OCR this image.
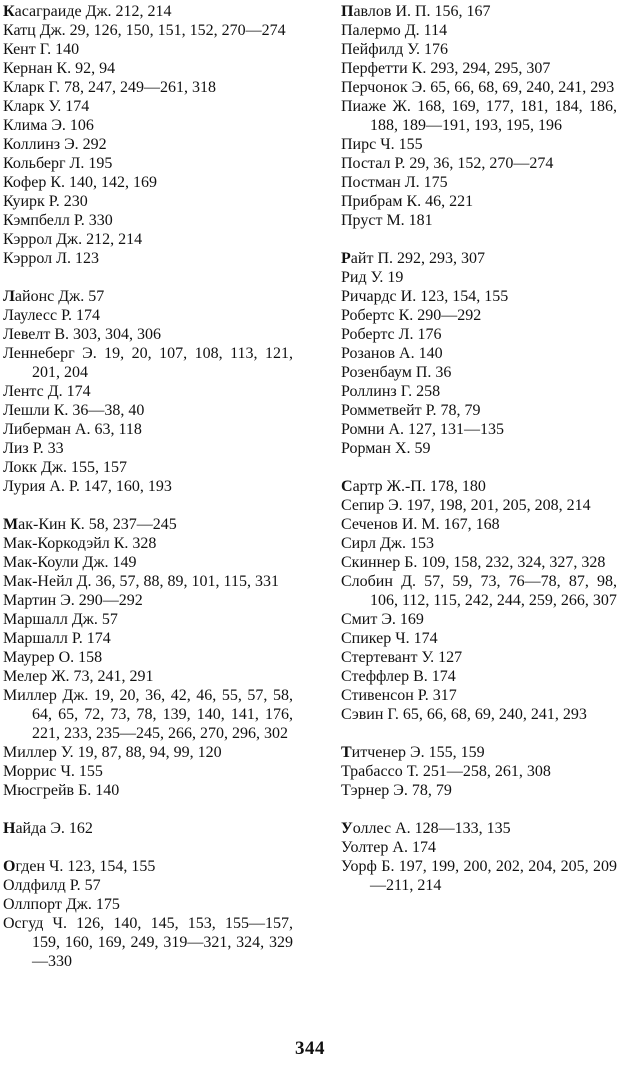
Касаграиде Дж. 212, 214

Катц Дж. 29, 126, 150, 151, 152, 270—274

Кент Г. 140

Кернан К. 92, 94

Кларк Г. 78, 247, 249—261, 318

Кларк У. 174

Клима Э. 106

Коллинз Э. 292

Кольберг Л. 195

Кофер К. 140, 142, 169

Куирк Р. 230

Кэмпбелл Р. 330

Кэррол Дж. 212, 214

Кэррол Л. 123

Лайонс Дж. 57

Лаулесс Р. 174

Левелт В. 303, 304, 306

Леннеберг Э. 19, 20, 107, 108, 113, 121, 201, 204

Лентс Д. 174

Лешли К. 36—38, 40

Либерман А. 63, 118

Лиз Р. 33

Локк Дж. 155, 157

Лурия А. Р. 147, 160, 193

Мак-Кин К. 58, 237—245

Мак-Коркодэйл К. 328

Мак-Коули Дж. 149

Мак-Нейл Д. 36, 57, 88, 89, 101, 115, 331

Мартин Э. 290—292

Маршалл Дж. 57

Маршалл Р. 174

Маурер О. 158

Мелер Ж. 73, 241, 291

Миллер Дж. 19, 20, 36, 42, 46, 55, 57, 58, 64, 65, 72, 73, 78, 139, 140, 141, 176, 221, 233, 235—245, 266, 270, 296, 302

Миллер У. 19, 87, 88, 94, 99, 120

Моррис Ч. 155

Мюсгрейв Б. 140

Найда Э. 162

Огден Ч. 123, 154, 155

Олдфилд Р. 57

Оллпорт Дж. 175

Осгуд Ч. 126, 140, 145, 153, 155—157, 159, 160, 169, 249, 319—321, 324, 329—330

Павлов И. П. 156, 167

Палермо Д. 114

Пейфилд У. 176

Перфетти К. 293, 294, 295, 307

Перчонок Э. 65, 66, 68, 69, 240, 241, 293

Пиаже Ж. 168, 169, 177, 181, 184, 186, 188, 189—191, 193, 195, 196

Пирс Ч. 155

Постал Р. 29, 36, 152, 270—274

Постман Л. 175

Прибрам К. 46, 221

Пруст М. 181

Райт П. 292, 293, 307

Рид У. 19

Ричардс И. 123, 154, 155

Робертс К. 290—292

Робертс Л. 176

Розанов А. 140

Розенбаум П. 36

Роллинз Г. 258

Ромметвейт Р. 78, 79

Ромни А. 127, 131—135

Рорман Х. 59

Сартр Ж.-П. 178, 180

Сепир Э. 197, 198, 201, 205, 208, 214

Сеченов И. М. 167, 168

Сирл Дж. 153

Скиннер Б. 109, 158, 232, 324, 327, 328

Слобин Д. 57, 59, 73, 76—78, 87, 98, 106, 112, 115, 242, 244, 259, 266, 307

Смит Э. 169

Спикер Ч. 174

Стертевант У. 127

Стеффлер В. 174

Стивенсон Р. 317

Сэвин Г. 65, 66, 68, 69, 240, 241, 293

Титченер Э. 155, 159

Трабассо Т. 251—258, 261, 308

Тэрнер Э. 78, 79

Уоллес А. 128—133, 135

Уолтер А. 174

Уорф Б. 197, 199, 200, 202, 204, 205, 209—211, 214

344
